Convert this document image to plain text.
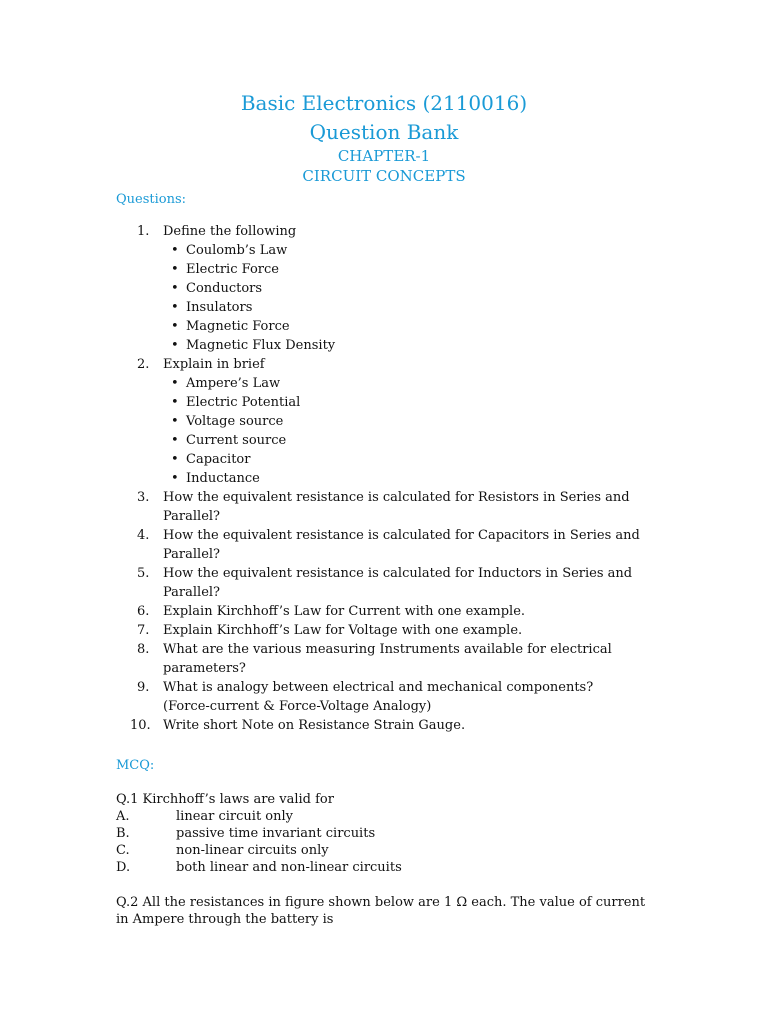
Basic Electronics (2110016)
Question Bank
CHAPTER-1
CIRCUIT CONCEPTS
Questions:
1. Define the following
• Coulomb’s Law
• Electric Force
• Conductors
• Insulators
• Magnetic Force
• Magnetic Flux Density
2. Explain in brief
• Ampere’s Law
• Electric Potential
• Voltage source
• Current source
• Capacitor
• Inductance
3. How the equivalent resistance is calculated for Resistors in Series and Parallel?
4. How the equivalent resistance is calculated for Capacitors in Series and Parallel?
5. How the equivalent resistance is calculated for Inductors in Series and Parallel?
6. Explain Kirchhoff’s Law for Current with one example.
7. Explain Kirchhoff’s Law for Voltage with one example.
8. What are the various measuring Instruments available for electrical parameters?
9. What is analogy between electrical and mechanical components? (Force-current & Force-Voltage Analogy)
10. Write short Note on Resistance Strain Gauge.
MCQ:
Q.1 Kirchhoff’s laws are valid for
A.	linear circuit only
B.	passive time invariant circuits
C.	non-linear circuits only
D.	both linear and non-linear circuits
Q.2 All the resistances in figure shown below are 1 Ω each. The value of current in Ampere through the battery is
